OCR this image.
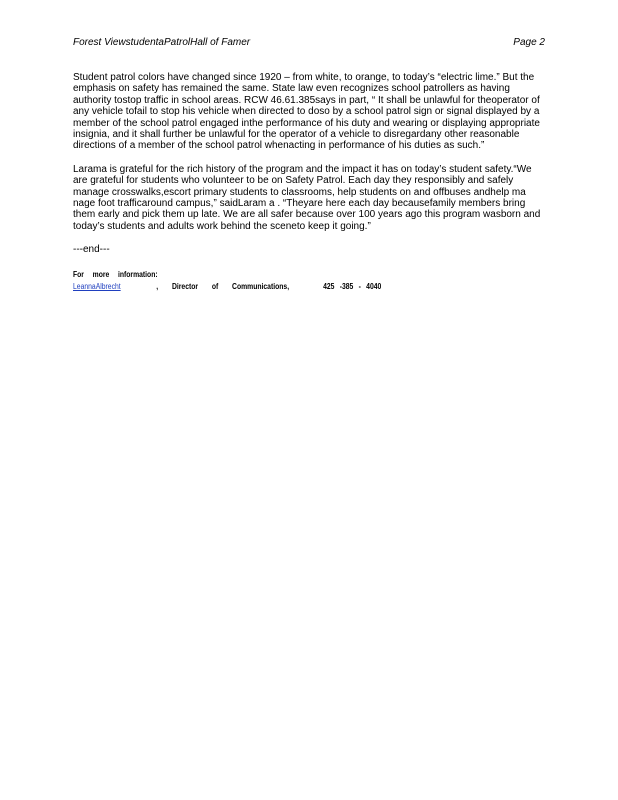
Forest ViewstudentaPatrolHall of Famer	Page 2

Student patrol colors have changed since 1920 – from white, to orange, to today’s “electric lime.” But the emphasis on safety has remained the same. State law even recognizes school patrollers as having authority tostop traffic in school areas. RCW 46.61.385says in part, “ It shall be unlawful for theoperator of any vehicle tofail to stop his vehicle when directed to doso by a school patrol sign or signal displayed by a member of the school patrol engaged inthe performance of his duty and wearing or displaying appropriate insignia, and it shall further be unlawful for the operator of a vehicle to disregardany other reasonable directions of a member of the school patrol whenacting in performance of his duties as such.”

Larama is grateful for the rich history of the program and the impact it has on today’s student safety.“We are grateful for students who volunteer to be on Safety Patrol. Each day they responsibly and safely manage crosswalks,escort primary students to classrooms, help students on and offbuses andhelp ma nage foot trafficaround campus,” saidLaram a . “Theyare here each day becausefamily members bring them early and pick them up late. We are all safer because over 100 years ago this program wasborn and today’s students and adults work behind the sceneto keep it going.”

---end---
For more information:
LeannaAlbrecht	, Director of Communications,	425 -385 - 4040
